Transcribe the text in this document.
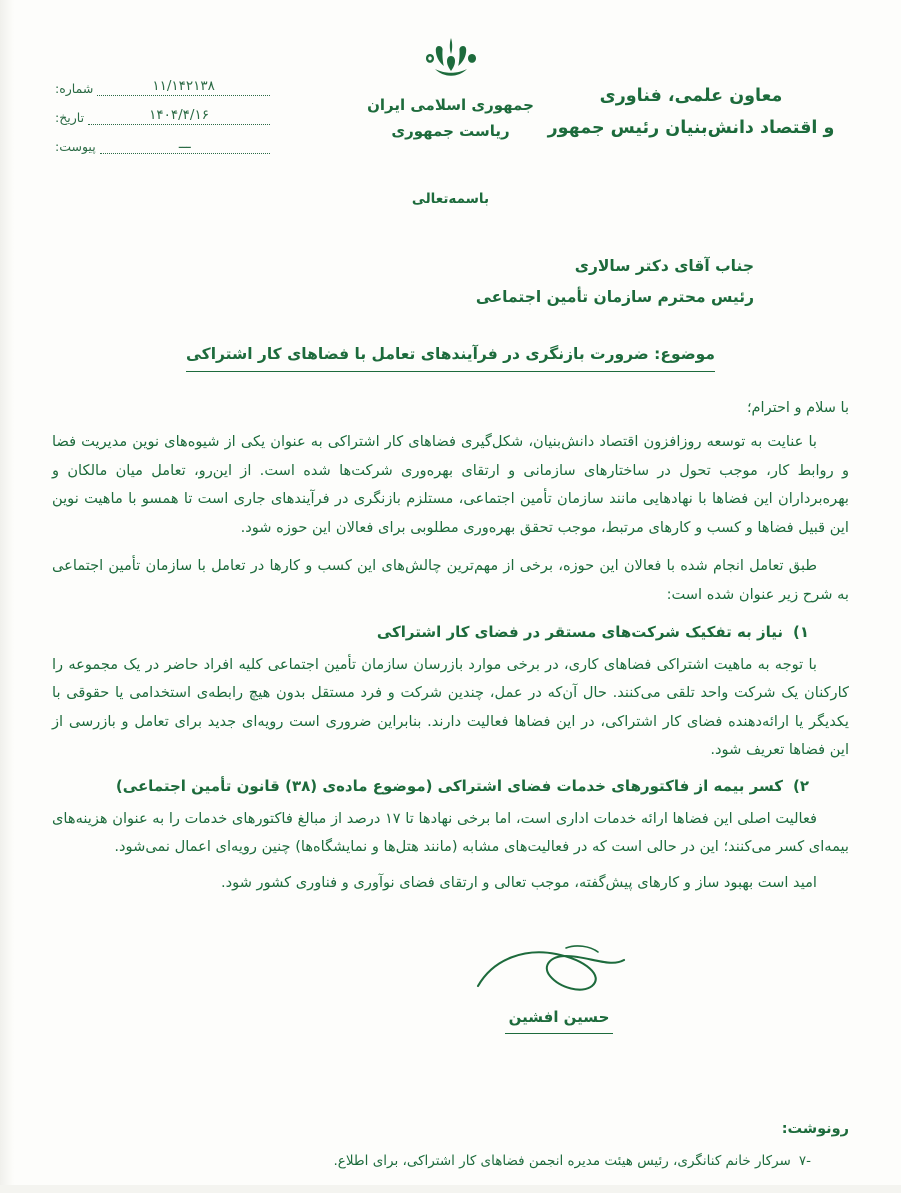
۱۱/۱۴۲۱۳۸
شماره:
۱۴۰۴/۴/۱۶
تاریخ:
ـــ
پیوست:
جمهوری اسلامی ایران
ریاست جمهوری
معاون علمی، فناوری
و اقتصاد دانش‌بنیان رئیس جمهور
باسمه‌تعالی
جناب آقای دکتر سالاری
رئیس محترم سازمان تأمین اجتماعی
موضوع: ضرورت بازنگری در فرآیندهای تعامل با فضاهای کار اشتراکی
با سلام و احترام؛

با عنایت به توسعه روزافزون اقتصاد دانش‌بنیان، شکل‌گیری فضاهای کار اشتراکی به عنوان یکی از شیوه‌های نوین مدیریت فضا و روابط کار، موجب تحول در ساختارهای سازمانی و ارتقای بهره‌وری شرکت‌ها شده است. از این‌رو، تعامل میان مالکان و بهره‌برداران این فضاها با نهادهایی مانند سازمان تأمین اجتماعی، مستلزم بازنگری در فرآیندهای جاری است تا همسو با ماهیت نوین این قبیل فضاها و کسب و کارهای مرتبط، موجب تحقق بهره‌وری مطلوبی برای فعالان این حوزه شود.

طبق تعامل انجام شده با فعالان این حوزه، برخی از مهم‌ترین چالش‌های این کسب و کارها در تعامل با سازمان تأمین اجتماعی به شرح زیر عنوان شده است:

۱)
نیاز به تفکیک شرکت‌های مستقر در فضای کار اشتراکی

با توجه به ماهیت اشتراکی فضاهای کاری، در برخی موارد بازرسان سازمان تأمین اجتماعی کلیه افراد حاضر در یک مجموعه را کارکنان یک شرکت واحد تلقی می‌کنند. حال آن‌که در عمل، چندین شرکت و فرد مستقل بدون هیچ رابطه‌ی استخدامی یا حقوقی با یکدیگر یا ارائه‌دهنده فضای کار اشتراکی، در این فضاها فعالیت دارند. بنابراین ضروری است رویه‌ای جدید برای تعامل و بازرسی از این فضاها تعریف شود.

۲)
کسر بیمه از فاکتورهای خدمات فضای اشتراکی (موضوع ماده‌ی (۳۸) قانون تأمین اجتماعی)

فعالیت اصلی این فضاها ارائه خدمات اداری است، اما برخی نهادها تا ۱۷ درصد از مبالغ فاکتورهای خدمات را به عنوان هزینه‌های بیمه‌ای کسر می‌کنند؛ این در حالی است که در فعالیت‌های مشابه (مانند هتل‌ها و نمایشگاه‌ها) چنین رویه‌ای اعمال نمی‌شود.

امید است بهبود ساز و کارهای پیش‌گفته، موجب تعالی و ارتقای فضای نوآوری و فناوری کشور شود.

حسین افشین
رونوشت:
-۷
سرکار خانم کنانگری، رئیس هیئت مدیره انجمن فضاهای کار اشتراکی، برای اطلاع.
